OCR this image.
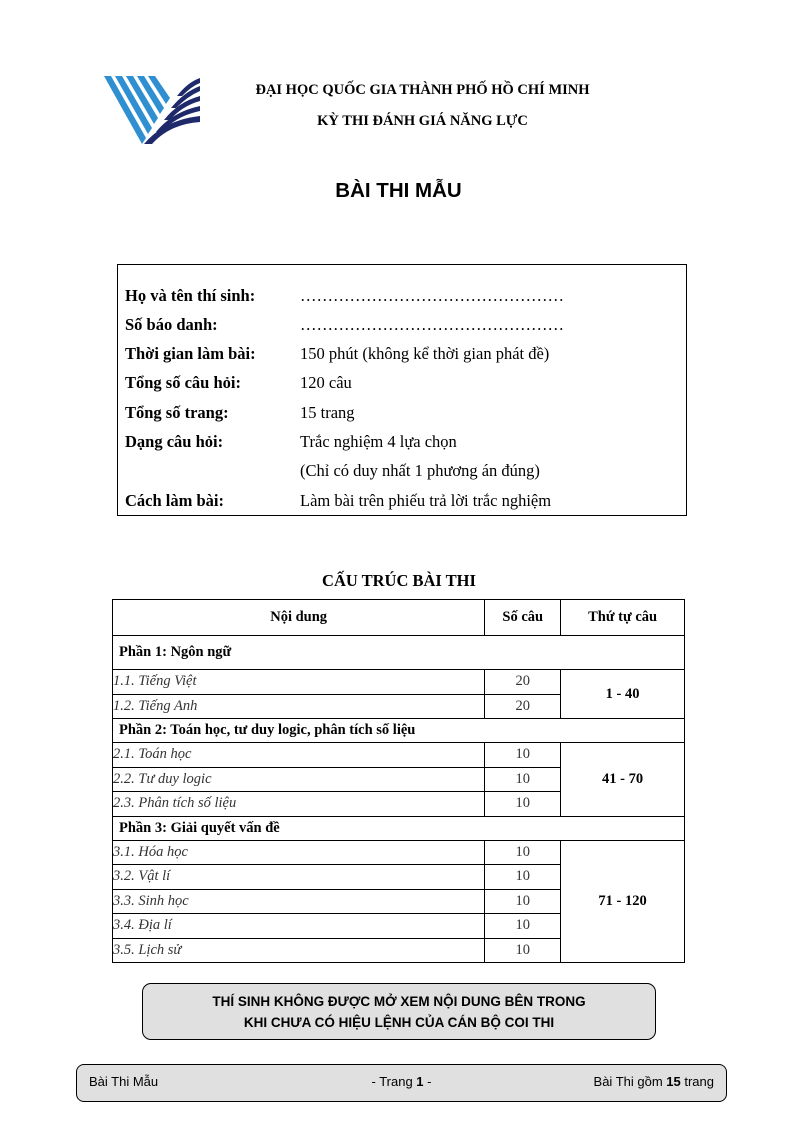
ĐẠI HỌC QUỐC GIA THÀNH PHỐ HỒ CHÍ MINH
KỲ THI ĐÁNH GIÁ NĂNG LỰC
BÀI THI MẪU
Họ và tên thí sinh:	…………………………………………
Số báo danh:	…………………………………………
Thời gian làm bài:	150 phút (không kể thời gian phát đề)
Tổng số câu hỏi:	120 câu
Tổng số trang:	15 trang
Dạng câu hỏi:	Trắc nghiệm 4 lựa chọn
(Chỉ có duy nhất 1 phương án đúng)
Cách làm bài:	Làm bài trên phiếu trả lời trắc nghiệm
CẤU TRÚC BÀI THI
Nội dung	Số câu	Thứ tự câu
Phần 1: Ngôn ngữ		
1.1. Tiếng Việt	20	1 - 40
1.2. Tiếng Anh	20	
Phần 2: Toán học, tư duy logic, phân tích số liệu		
2.1. Toán học	10	41 - 70
2.2. Tư duy logic	10	
2.3. Phân tích số liệu	10	
Phần 3: Giải quyết vấn đề		
3.1. Hóa học	10	71 - 120
3.2. Vật lí	10	
3.3. Sinh học	10	
3.4. Địa lí	10	
3.5. Lịch sử	10	
THÍ SINH KHÔNG ĐƯỢC MỞ XEM NỘI DUNG BÊN TRONG
KHI CHƯA CÓ HIỆU LỆNH CỦA CÁN BỘ COI THI
Bài Thi Mẫu	- Trang 1 -	Bài Thi gồm 15 trang
